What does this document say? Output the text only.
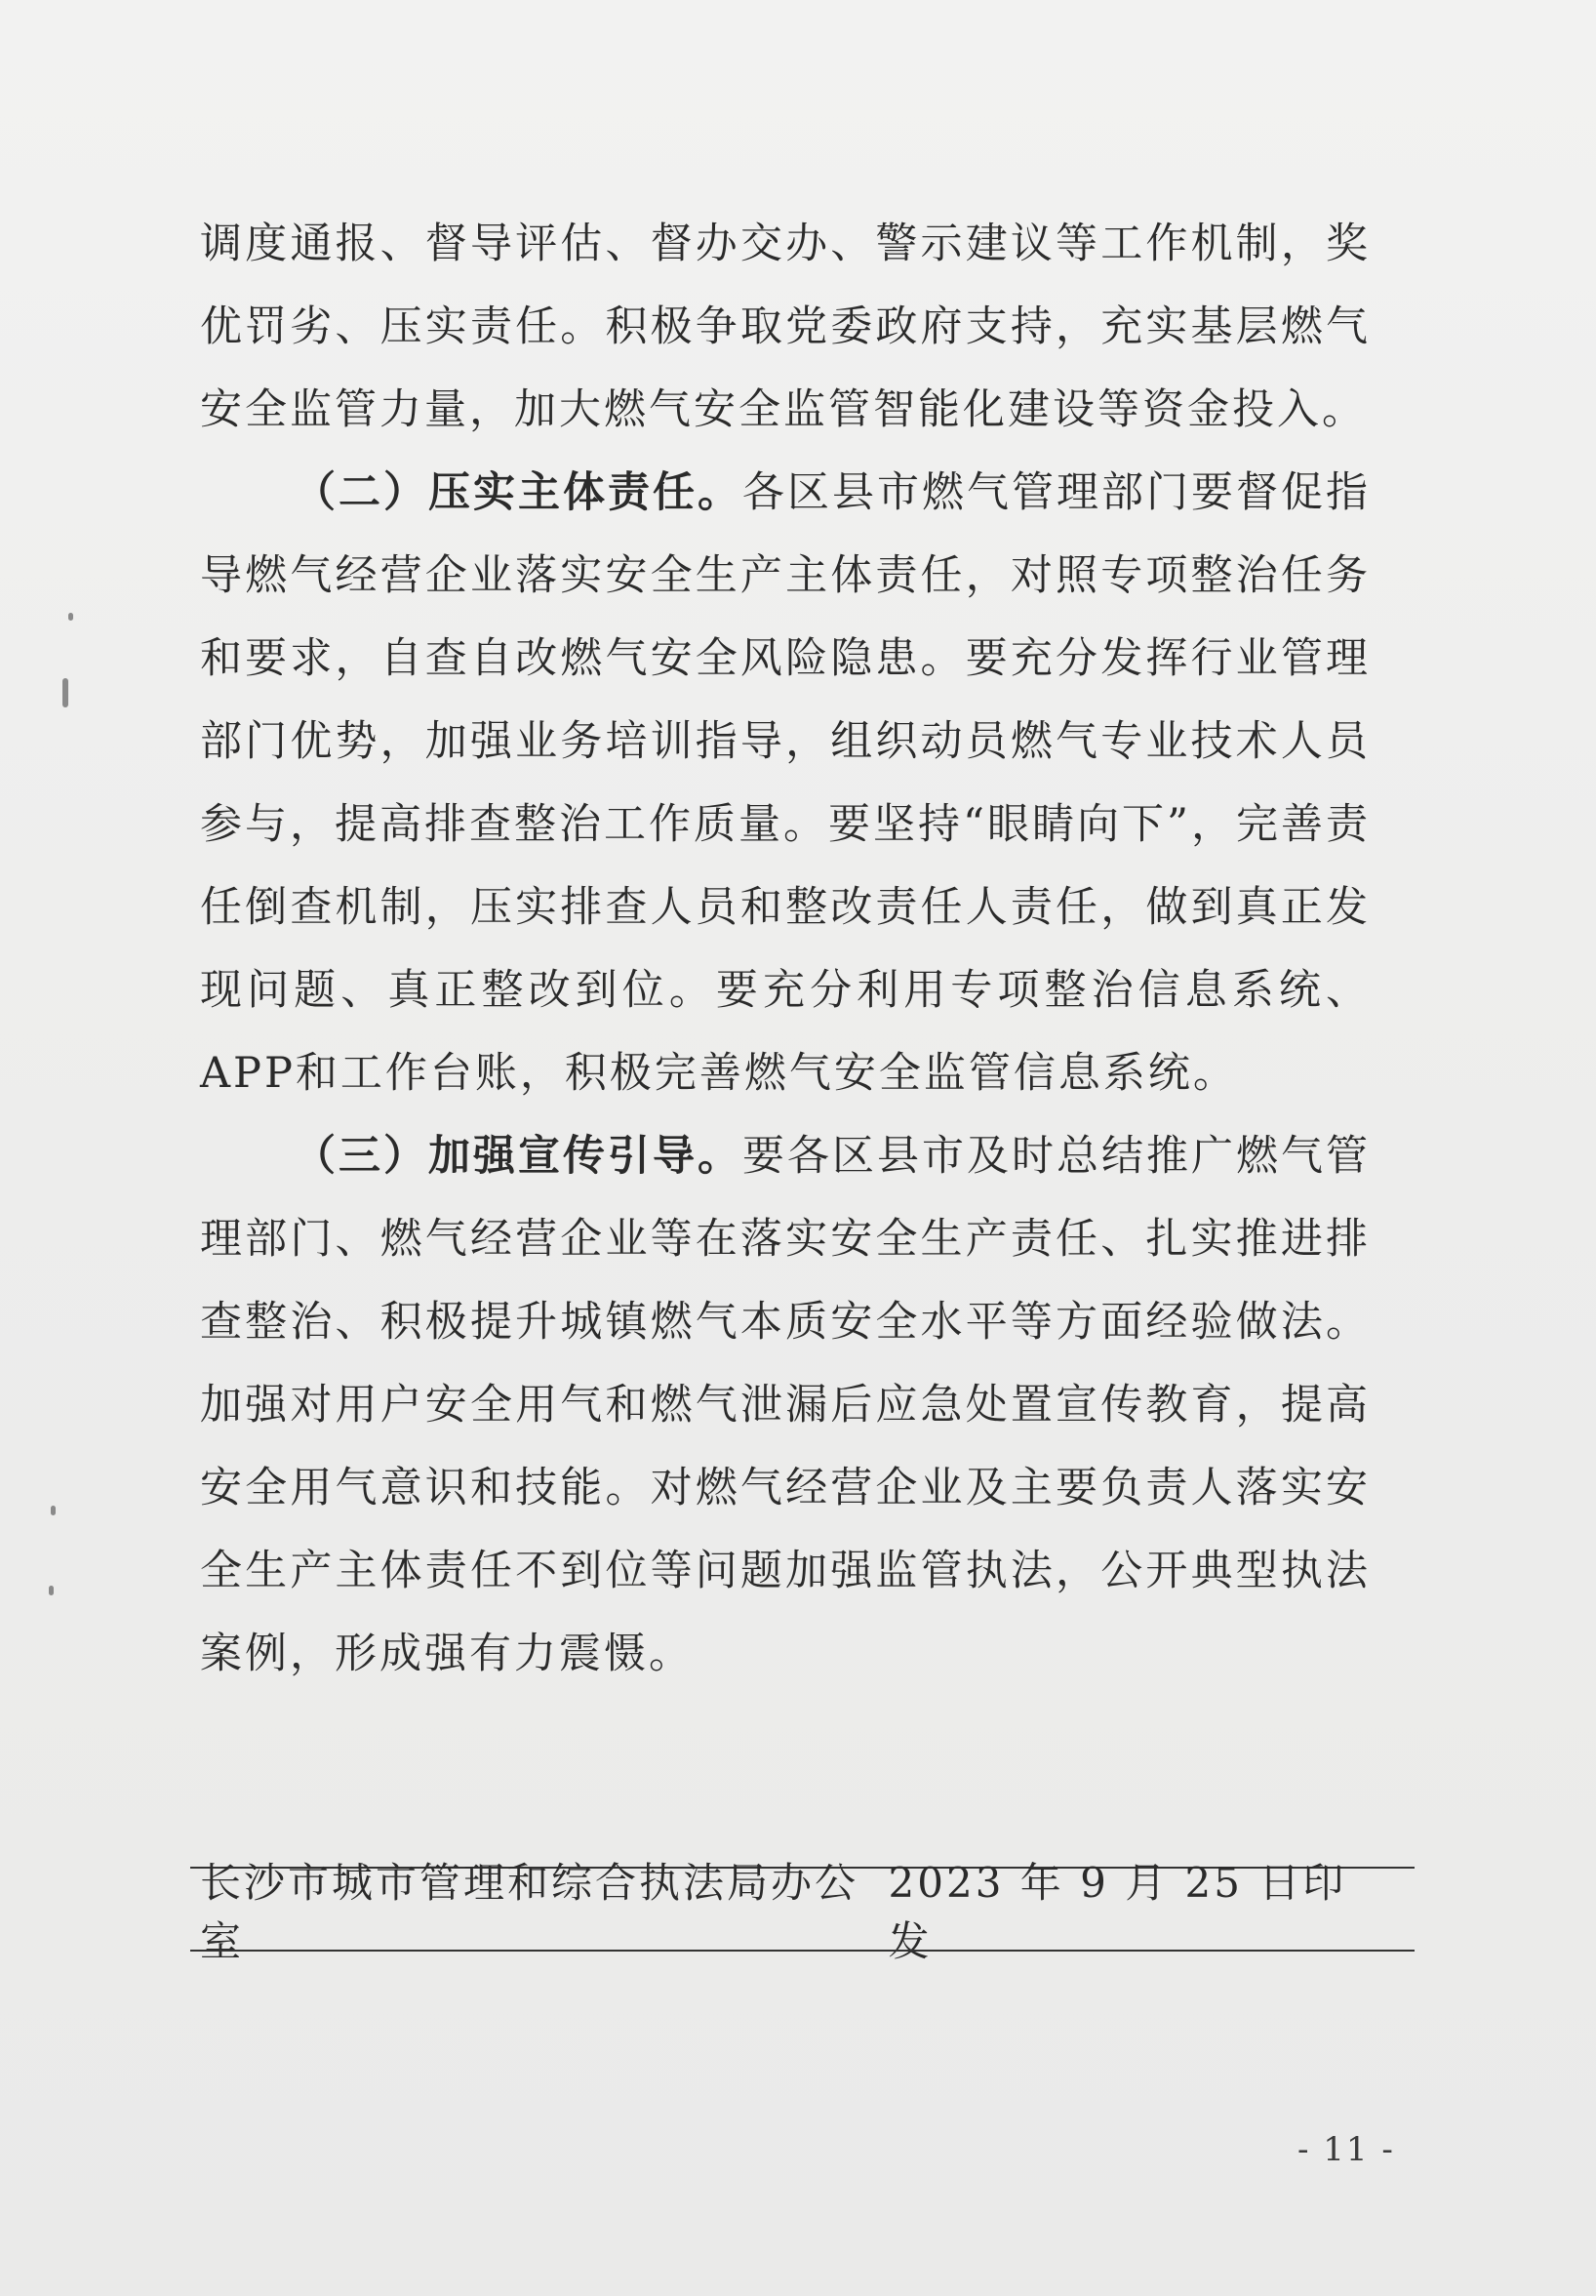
调度通报、督导评估、督办交办、警示建议等工作机制，奖优罚劣、压实责任。积极争取党委政府支持，充实基层燃气安全监管力量，加大燃气安全监管智能化建设等资金投入。

（二）压实主体责任。各区县市燃气管理部门要督促指导燃气经营企业落实安全生产主体责任，对照专项整治任务和要求，自查自改燃气安全风险隐患。要充分发挥行业管理部门优势，加强业务培训指导，组织动员燃气专业技术人员参与，提高排查整治工作质量。要坚持“眼睛向下”，完善责任倒查机制，压实排查人员和整改责任人责任，做到真正发现问题、真正整改到位。要充分利用专项整治信息系统、APP和工作台账，积极完善燃气安全监管信息系统。

（三）加强宣传引导。要各区县市及时总结推广燃气管理部门、燃气经营企业等在落实安全生产责任、扎实推进排查整治、积极提升城镇燃气本质安全水平等方面经验做法。加强对用户安全用气和燃气泄漏后应急处置宣传教育，提高安全用气意识和技能。对燃气经营企业及主要负责人落实安全生产主体责任不到位等问题加强监管执法，公开典型执法案例，形成强有力震慑。

长沙市城市管理和综合执法局办公室
2023 年 9 月 25 日印发
- 11 -
